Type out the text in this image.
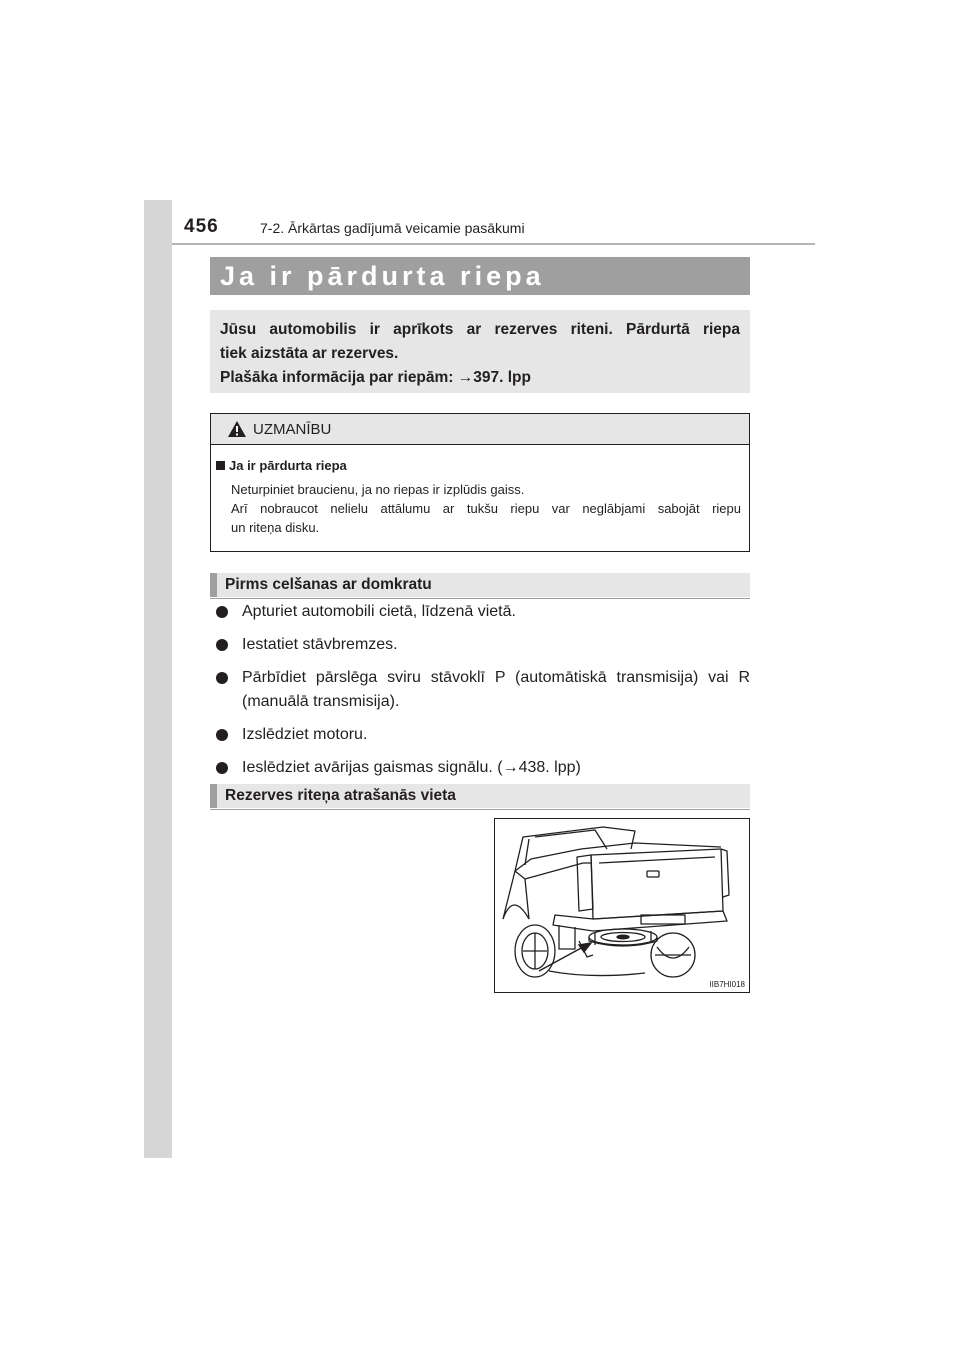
456	7-2. Ārkārtas gadījumā veicamie pasākumi
Ja ir pārdurta riepa
Jūsu automobilis ir aprīkots ar rezerves riteni. Pārdurtā riepa
tiek aizstāta ar rezerves.
Plašāka informācija par riepām: →397. lpp
UZMANĪBU
Ja ir pārdurta riepa
Neturpiniet braucienu, ja no riepas ir izplūdis gaiss.
Arī nobraucot nelielu attālumu ar tukšu riepu var neglābjami sabojāt riepu
un riteņa disku.
Pirms celšanas ar domkratu
Apturiet automobili cietā, līdzenā vietā.
Iestatiet stāvbremzes.
Pārbīdiet pārslēga sviru stāvoklī P (automātiskā transmisija) vai R
(manuālā transmisija).
Izslēdziet motoru.
Ieslēdziet avārijas gaismas signālu. (→438. lpp)
Rezerves riteņa atrašanās vieta
IIB7HI018
